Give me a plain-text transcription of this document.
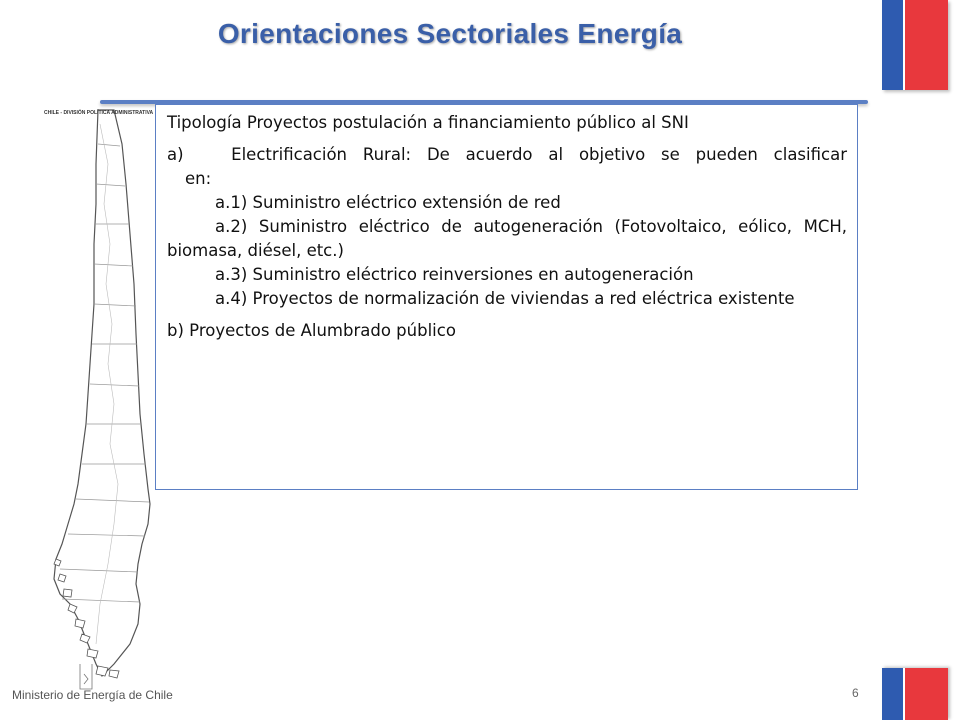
Orientaciones Sectoriales Energía
CHILE - DIVISIÓN POLÍTICA ADMINISTRATIVA Tipología Proyectos postulación a financiamiento público al SNI

a)	Electrificación Rural: De acuerdo al objetivo se pueden clasificar

en:

a.1) Suministro eléctrico extensión de red

a.2) Suministro eléctrico de autogeneración (Fotovoltaico, eólico, MCH, biomasa, diésel, etc.)

a.3) Suministro eléctrico reinversiones en autogeneración

a.4) Proyectos de normalización de viviendas a red eléctrica existente

b) Proyectos de Alumbrado público

Ministerio de Energía de Chile	6
